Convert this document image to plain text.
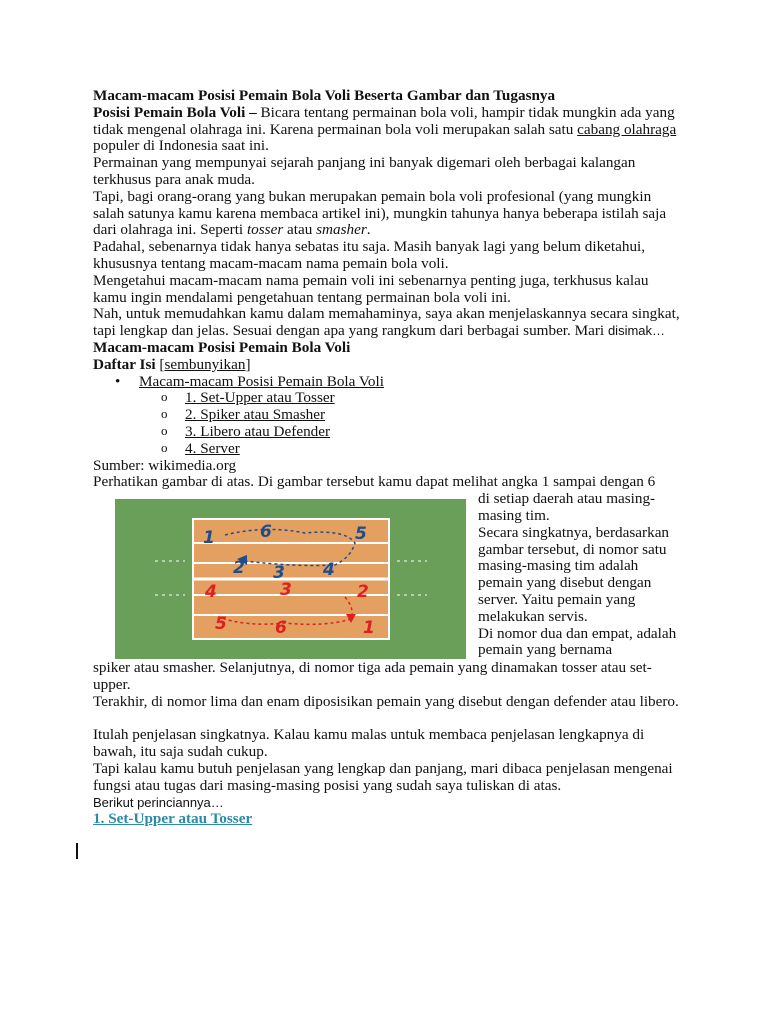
Macam-macam Posisi Pemain Bola Voli Beserta Gambar dan Tugasnya

Posisi Pemain Bola Voli – Bicara tentang permainan bola voli, hampir tidak mungkin ada yang tidak mengenal olahraga ini. Karena permainan bola voli merupakan salah satu cabang olahraga populer di Indonesia saat ini.

Permainan yang mempunyai sejarah panjang ini banyak digemari oleh berbagai kalangan terkhusus para anak muda.

Tapi, bagi orang-orang yang bukan merupakan pemain bola voli profesional (yang mungkin salah satunya kamu karena membaca artikel ini), mungkin tahunya hanya beberapa istilah saja dari olahraga ini. Seperti tosser atau smasher.

Padahal, sebenarnya tidak hanya sebatas itu saja. Masih banyak lagi yang belum diketahui, khususnya tentang macam-macam nama pemain bola voli.

Mengetahui macam-macam nama pemain voli ini sebenarnya penting juga, terkhusus kalau kamu ingin mendalami pengetahuan tentang permainan bola voli ini.

Nah, untuk memudahkan kamu dalam memahaminya, saya akan menjelaskannya secara singkat, tapi lengkap dan jelas. Sesuai dengan apa yang rangkum dari berbagai sumber. Mari disimak…

Macam-macam Posisi Pemain Bola Voli

Daftar Isi [sembunyikan]

• Macam-macam Posisi Pemain Bola Voli
o 1. Set-Upper atau Tosser
o 2. Spiker atau Smasher
o 3. Libero atau Defender
o 4. Server

Sumber: wikimedia.org

Perhatikan gambar di atas. Di gambar tersebut kamu dapat melihat angka 1 sampai dengan 6

1	6	5
2 3 4
4	3	2
5	6	1

di setiap daerah atau masing-masing tim.

Secara singkatnya, berdasarkan gambar tersebut, di nomor satu masing-masing tim adalah pemain yang disebut dengan server. Yaitu pemain yang melakukan servis.

Di nomor dua dan empat, adalah pemain yang bernama

spiker atau smasher. Selanjutnya, di nomor tiga ada pemain yang dinamakan tosser atau set-upper.

Terakhir, di nomor lima dan enam diposisikan pemain yang disebut dengan defender atau libero.

Itulah penjelasan singkatnya. Kalau kamu malas untuk membaca penjelasan lengkapnya di bawah, itu saja sudah cukup.

Tapi kalau kamu butuh penjelasan yang lengkap dan panjang, mari dibaca penjelasan mengenai fungsi atau tugas dari masing-masing posisi yang sudah saya tuliskan di atas.

Berikut perinciannya…

1. Set-Upper atau Tosser
